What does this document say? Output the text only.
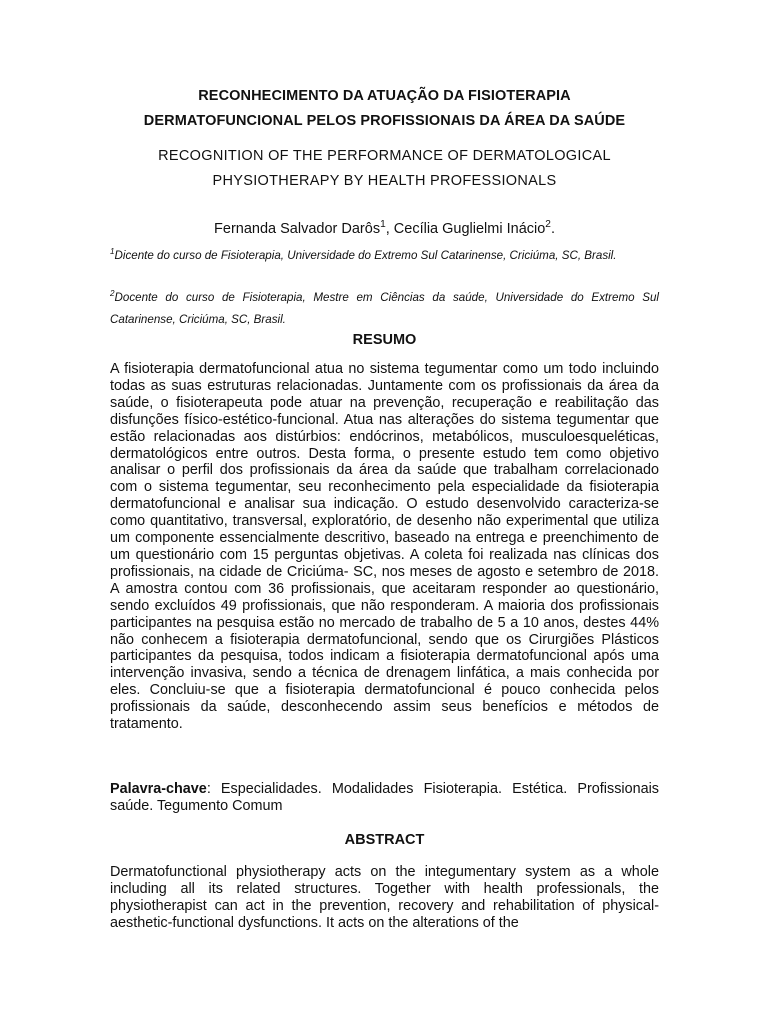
RECONHECIMENTO DA ATUAÇÃO DA FISIOTERAPIA
DERMATOFUNCIONAL PELOS PROFISSIONAIS DA ÁREA DA SAÚDE
RECOGNITION OF THE PERFORMANCE OF DERMATOLOGICAL
PHYSIOTHERAPY BY HEALTH PROFESSIONALS
Fernanda Salvador Darôs$^1$, Cecília Guglielmi Inácio$^2$.
$^1$Dicente do curso de Fisioterapia, Universidade do Extremo Sul Catarinense, Criciúma, SC, Brasil.
$^2$Docente do curso de Fisioterapia, Mestre em Ciências da saúde, Universidade do Extremo Sul Catarinense, Criciúma, SC, Brasil.
RESUMO
A fisioterapia dermatofuncional atua no sistema tegumentar como um todo incluindo todas as suas estruturas relacionadas. Juntamente com os profissionais da área da saúde, o fisioterapeuta pode atuar na prevenção, recuperação e reabilitação das disfunções físico-estético-funcional. Atua nas alterações do sistema tegumentar que estão relacionadas aos distúrbios: endócrinos, metabólicos, musculoesqueléticas, dermatológicos entre outros. Desta forma, o presente estudo tem como objetivo analisar o perfil dos profissionais da área da saúde que trabalham correlacionado com o sistema tegumentar, seu reconhecimento pela especialidade da fisioterapia dermatofuncional e analisar sua indicação. O estudo desenvolvido caracteriza-se como quantitativo, transversal, exploratório, de desenho não experimental que utiliza um componente essencialmente descritivo, baseado na entrega e preenchimento de um questionário com 15 perguntas objetivas. A coleta foi realizada nas clínicas dos profissionais, na cidade de Criciúma- SC, nos meses de agosto e setembro de 2018. A amostra contou com 36 profissionais, que aceitaram responder ao questionário, sendo excluídos 49 profissionais, que não responderam. A maioria dos profissionais participantes na pesquisa estão no mercado de trabalho de 5 a 10 anos, destes 44% não conhecem a fisioterapia dermatofuncional, sendo que os Cirurgiões Plásticos participantes da pesquisa, todos indicam a fisioterapia dermatofuncional após uma intervenção invasiva, sendo a técnica de drenagem linfática, a mais conhecida por eles. Concluiu-se que a fisioterapia dermatofuncional é pouco conhecida pelos profissionais da saúde, desconhecendo assim seus benefícios e métodos de tratamento.
Palavra-chave: Especialidades. Modalidades Fisioterapia. Estética. Profissionais saúde. Tegumento Comum
ABSTRACT
Dermatofunctional physiotherapy acts on the integumentary system as a whole including all its related structures. Together with health professionals, the physiotherapist can act in the prevention, recovery and rehabilitation of physical-aesthetic-functional dysfunctions. It acts on the alterations of the
